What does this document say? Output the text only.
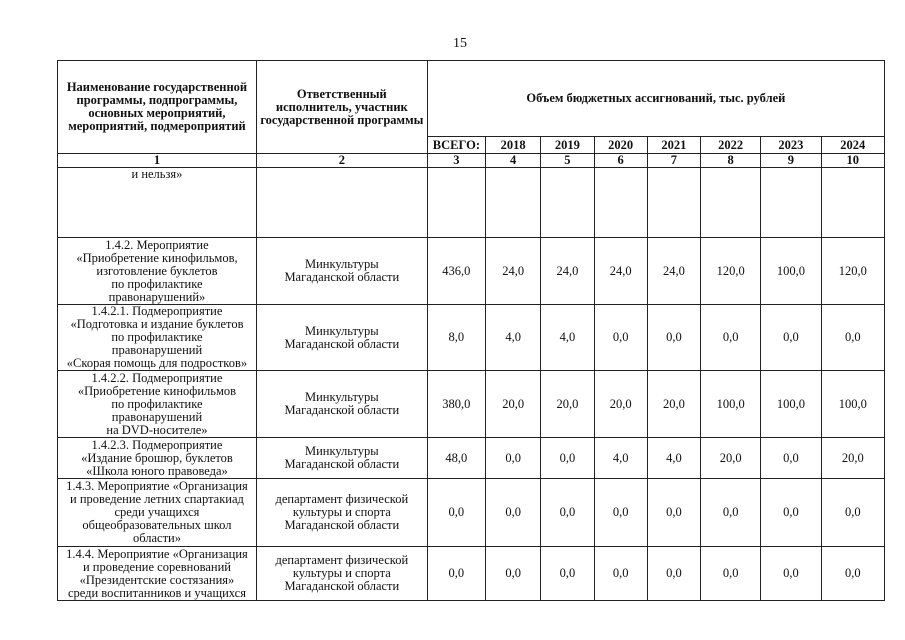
15
Наименование государственной программы, подпрограммы, основных мероприятий, мероприятий, подмероприятий	Ответственный исполнитель, участник государственной программы	Объем бюджетных ассигнований, тыс. рублей							
		ВСЕГО:	2018	2019	2020	2021	2022	2023	2024
1	2	3	4	5	6	7	8	9	10
и нельзя»									
1.4.2. Мероприятие
«Приобретение кинофильмов,
изготовление буклетов
по профилактике
правонарушений»	Минкультуры
Магаданской области	436,0	24,0	24,0	24,0	24,0	120,0	100,0	120,0
1.4.2.1. Подмероприятие
«Подготовка и издание буклетов
по профилактике
правонарушений
«Скорая помощь для подростков»	Минкультуры
Магаданской области	8,0	4,0	4,0	0,0	0,0	0,0	0,0	0,0
1.4.2.2. Подмероприятие
«Приобретение кинофильмов
по профилактике
правонарушений
на DVD-носителе»	Минкультуры
Магаданской области	380,0	20,0	20,0	20,0	20,0	100,0	100,0	100,0
1.4.2.3. Подмероприятие
«Издание брошюр, буклетов
«Школа юного правоведа»	Минкультуры
Магаданской области	48,0	0,0	0,0	4,0	4,0	20,0	0,0	20,0
1.4.3. Мероприятие «Организация
и проведение летних спартакиад
среди учащихся
общеобразовательных школ
области»	департамент физической
культуры и спорта
Магаданской области	0,0	0,0	0,0	0,0	0,0	0,0	0,0	0,0
1.4.4. Мероприятие «Организация
и проведение соревнований
«Президентские состязания»
среди воспитанников и учащихся	департамент физической
культуры и спорта
Магаданской области	0,0	0,0	0,0	0,0	0,0	0,0	0,0	0,0
